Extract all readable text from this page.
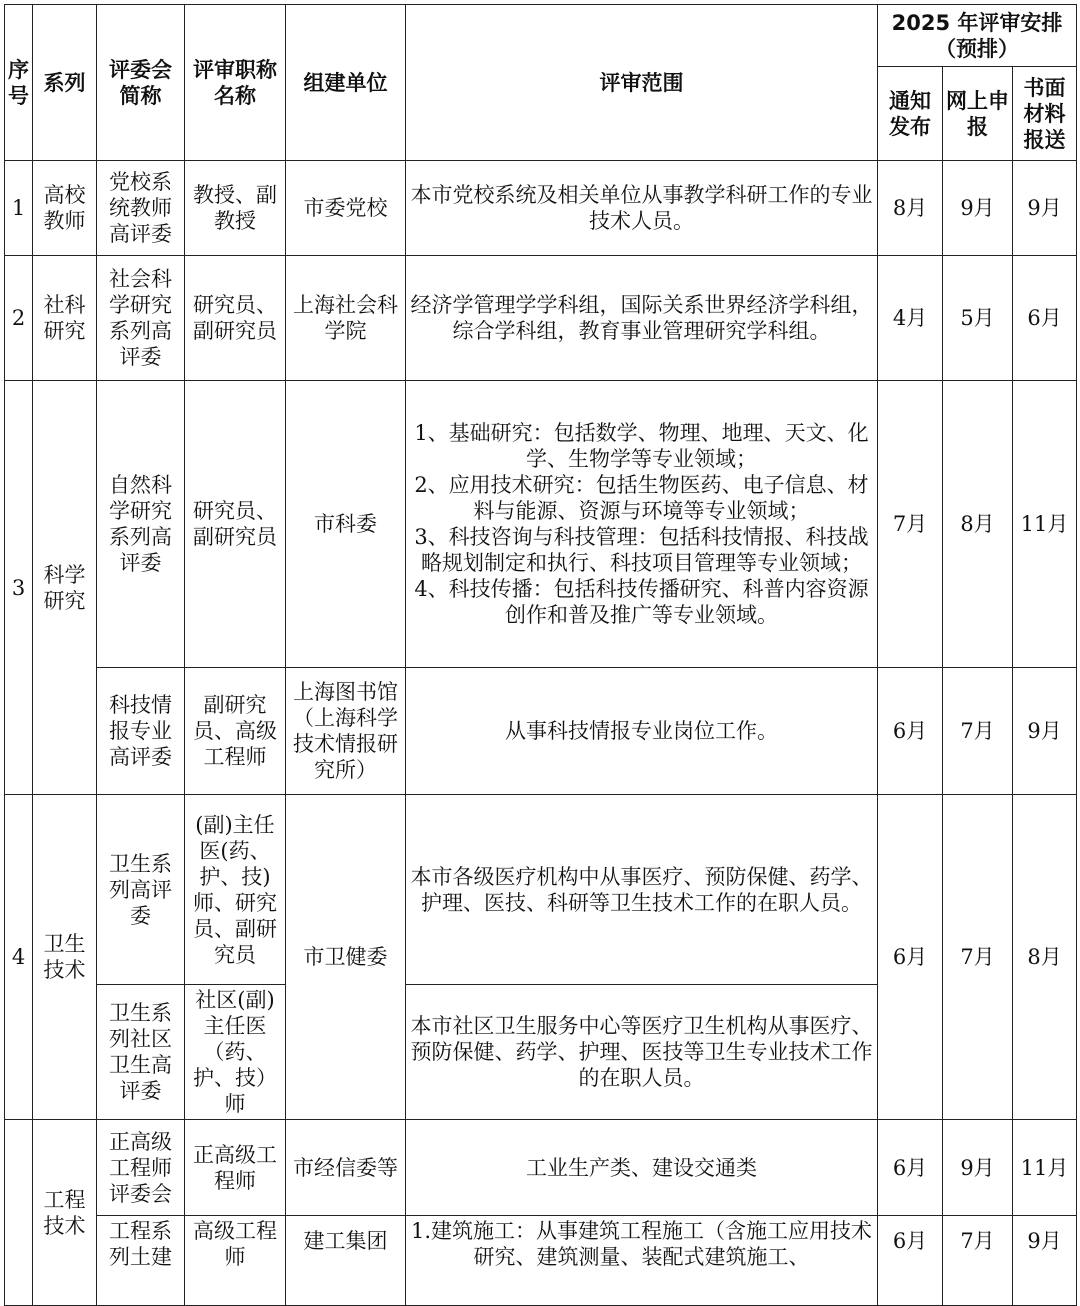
序号	系列	评委会简称	评审职称名称	组建单位	评审范围	2025 年评审安排（预排）		
						通知发布	网上申报	书面材料报送
1	高校教师	党校系统教师高评委	教授、副教授	市委党校	本市党校系统及相关单位从事教学科研工作的专业技术人员。	8月	9月	9月
2	社科研究	社会科学研究系列高评委	研究员、副研究员	上海社会科学院	经济学管理学学科组，国际关系世界经济学科组，综合学科组，教育事业管理研究学科组。	4月	5月	6月
3	科学研究	自然科学研究系列高评委	研究员、副研究员	市科委	1、基础研究：包括数学、物理、地理、天文、化学、生物学等专业领域；
2、应用技术研究：包括生物医药、电子信息、材料与能源、资源与环境等专业领域；
3、科技咨询与科技管理：包括科技情报、科技战略规划制定和执行、科技项目管理等专业领域；
4、科技传播：包括科技传播研究、科普内容资源创作和普及推广等专业领域。	7月	8月	11月
		科技情报专业高评委	副研究员、高级工程师	上海图书馆（上海科学技术情报研究所）	从事科技情报专业岗位工作。	6月	7月	9月
4	卫生技术	卫生系列高评委	(副)主任医(药、护、技)师、研究员、副研究员	市卫健委	本市各级医疗机构中从事医疗、预防保健、药学、护理、医技、科研等卫生技术工作的在职人员。	6月	7月	8月
		卫生系列社区卫生高评委	社区(副)主任医（药、护、技）师		本市社区卫生服务中心等医疗卫生机构从事医疗、预防保健、药学、护理、医技等卫生专业技术工作的在职人员。			
	工程技术	正高级工程师评委会	正高级工程师	市经信委等	工业生产类、建设交通类	6月	9月	11月
		工程系列土建	高级工程师	建工集团	1.建筑施工：从事建筑工程施工（含施工应用技术研究、建筑测量、装配式建筑施工、	6月	7月	9月
